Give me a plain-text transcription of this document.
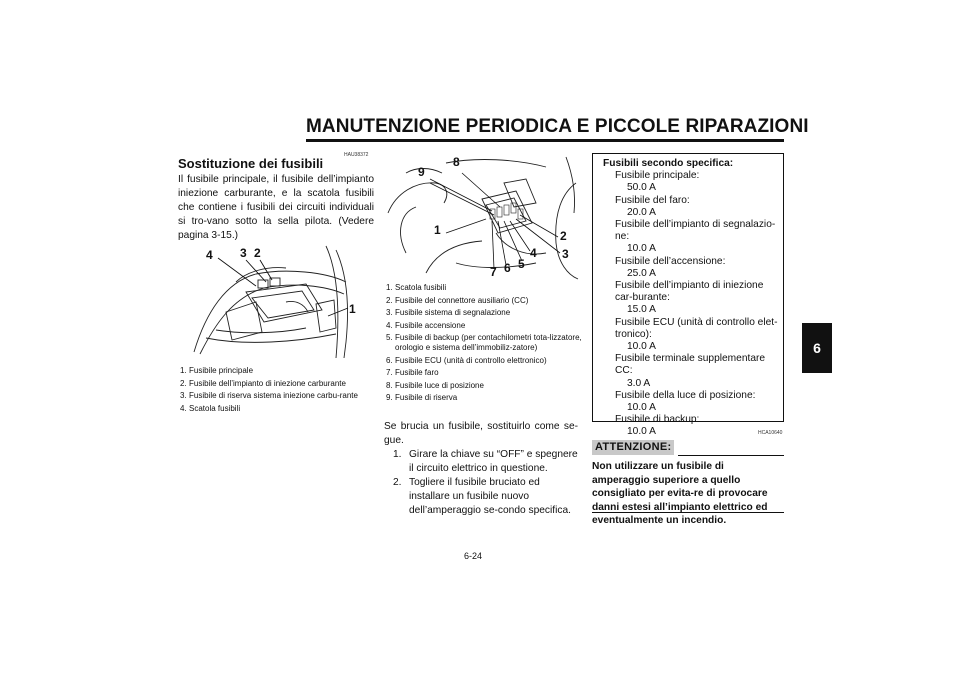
MANUTENZIONE PERIODICA E PICCOLE RIPARAZIONI
6
HAU38372
Sostituzione dei fusibili
Il fusibile principale, il fusibile dell’impianto iniezione carburante, e la scatola fusibili che contiene i fusibili dei circuiti individuali si tro-vano sotto la sella pilota. (Vedere pagina 3-15.)
4 3 2
1
1. Fusibile principale
2. Fusibile dell’impianto di iniezione carburante
3. Fusibile di riserva sistema iniezione carbu-rante
4. Scatola fusibili
9
8
1	2
4 3
7 6 5
1. Scatola fusibili
2. Fusibile del connettore ausiliario (CC)
3. Fusibile sistema di segnalazione
4. Fusibile accensione
5. Fusibile di backup (per contachilometri tota-lizzatore, orologio e sistema dell’immobiliz-zatore)
6. Fusibile ECU (unità di controllo elettronico)
7. Fusibile faro
8. Fusibile luce di posizione
9. Fusibile di riserva
Se brucia un fusibile, sostituirlo come se-gue.
1. Girare la chiave su “OFF” e spegnere il circuito elettrico in questione.
2. Togliere il fusibile bruciato ed installare un fusibile nuovo dell’amperaggio se-condo specifica.
Fusibili secondo specifica:
Fusibile principale:
50.0 A
Fusibile del faro:
20.0 A
Fusibile dell’impianto di segnalazio-ne:
10.0 A
Fusibile dell’accensione:
25.0 A
Fusibile dell’impianto di iniezione car-burante:
15.0 A
Fusibile ECU (unità di controllo elet-tronico):
10.0 A
Fusibile terminale supplementare CC:
3.0 A
Fusibile della luce di posizione:
10.0 A
Fusibile di backup:
10.0 A	HCA10640
ATTENZIONE:
Non utilizzare un fusibile di amperaggio superiore a quello consigliato per evita-re di provocare danni estesi all’impianto elettrico ed eventualmente un incendio.
6-24
